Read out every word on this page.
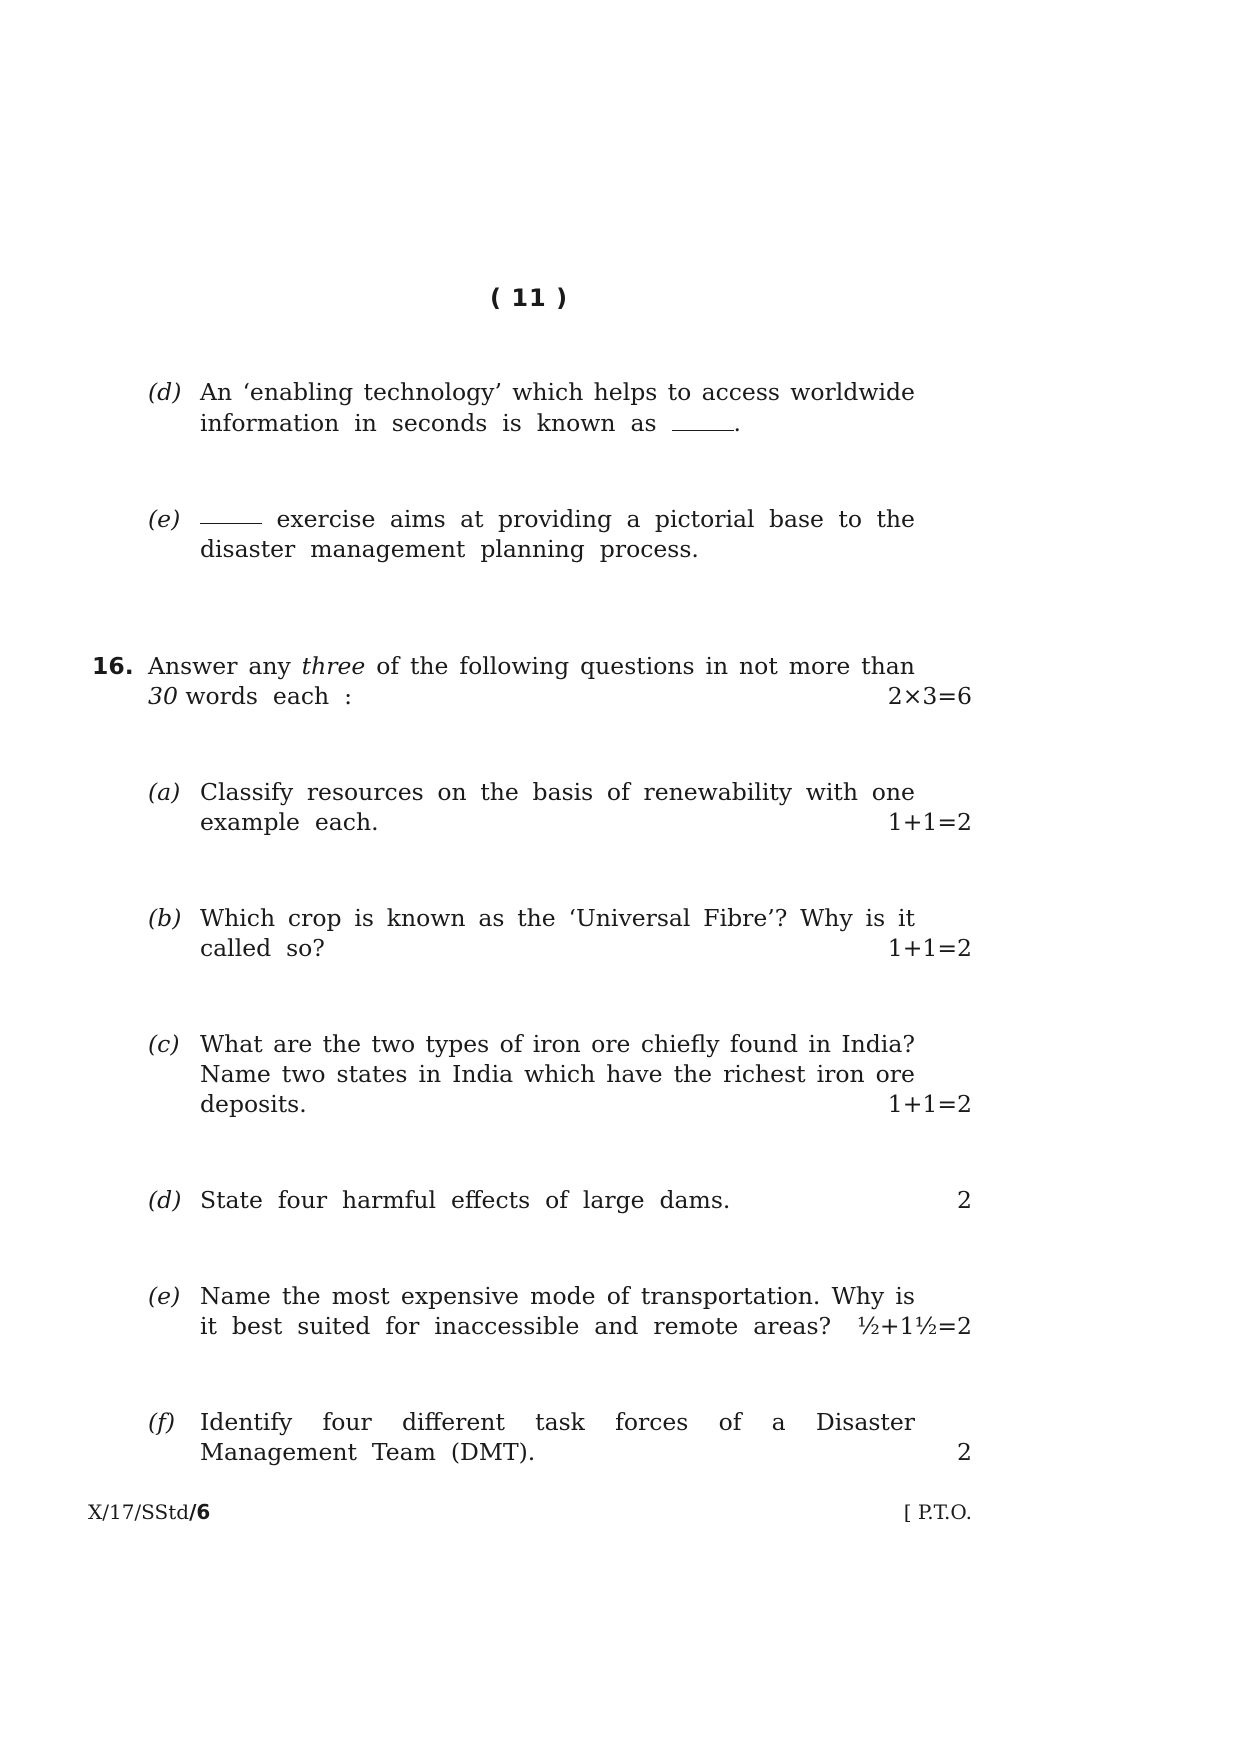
( 11 )
(d) An ‘enabling technology’ which helps to access worldwide
information  in  seconds  is  known  as	.
(e)	exercise aims at providing a pictorial base to the
disaster  management  planning  process.
16. Answer any three of the following questions in not more than
30 words  each  :	2×3=6
(a) Classify resources on the basis of renewability with one
example  each.	1+1=2
(b) Which crop is known as the ‘Universal Fibre’? Why is it
called  so?	1+1=2
(c) What are the two types of iron ore chiefly found in India?
Name two states in India which have the richest iron ore
deposits.	1+1=2
(d) State  four  harmful  effects  of  large  dams.	2
(e) Name the most expensive mode of transportation. Why is
it  best  suited  for  inaccessible  and  remote  areas?	½+1½=2
(f) Identify four different task forces of a Disaster
Management  Team  (DMT).	2
X/17/SStd/6	[ P.T.O.
